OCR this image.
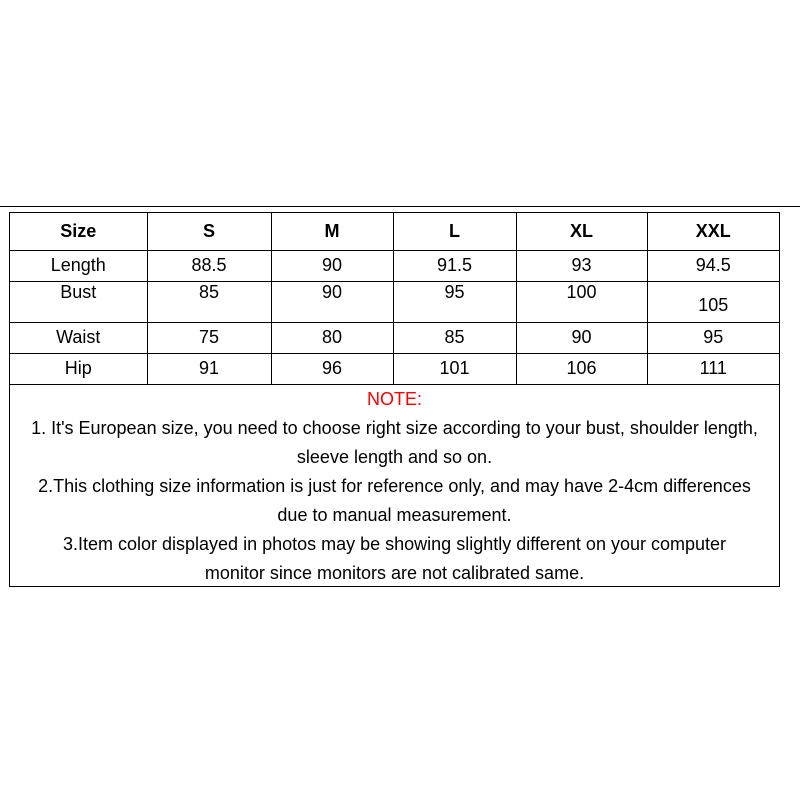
Size	S	M	L	XL	XXL
Length	88.5	90	91.5	93	94.5
Bust	85	90	95	100	105
Waist	75	80	85	90	95
Hip	91	96	101	106	111
NOTE:
1. It's European size, you need to choose right size according to your bust, shoulder length,
sleeve length and so on.
2.This clothing size information is just for reference only, and may have 2-4cm differences
due to manual measurement.
3.Item color displayed in photos may be showing slightly different on your computer
monitor since monitors are not calibrated same.
